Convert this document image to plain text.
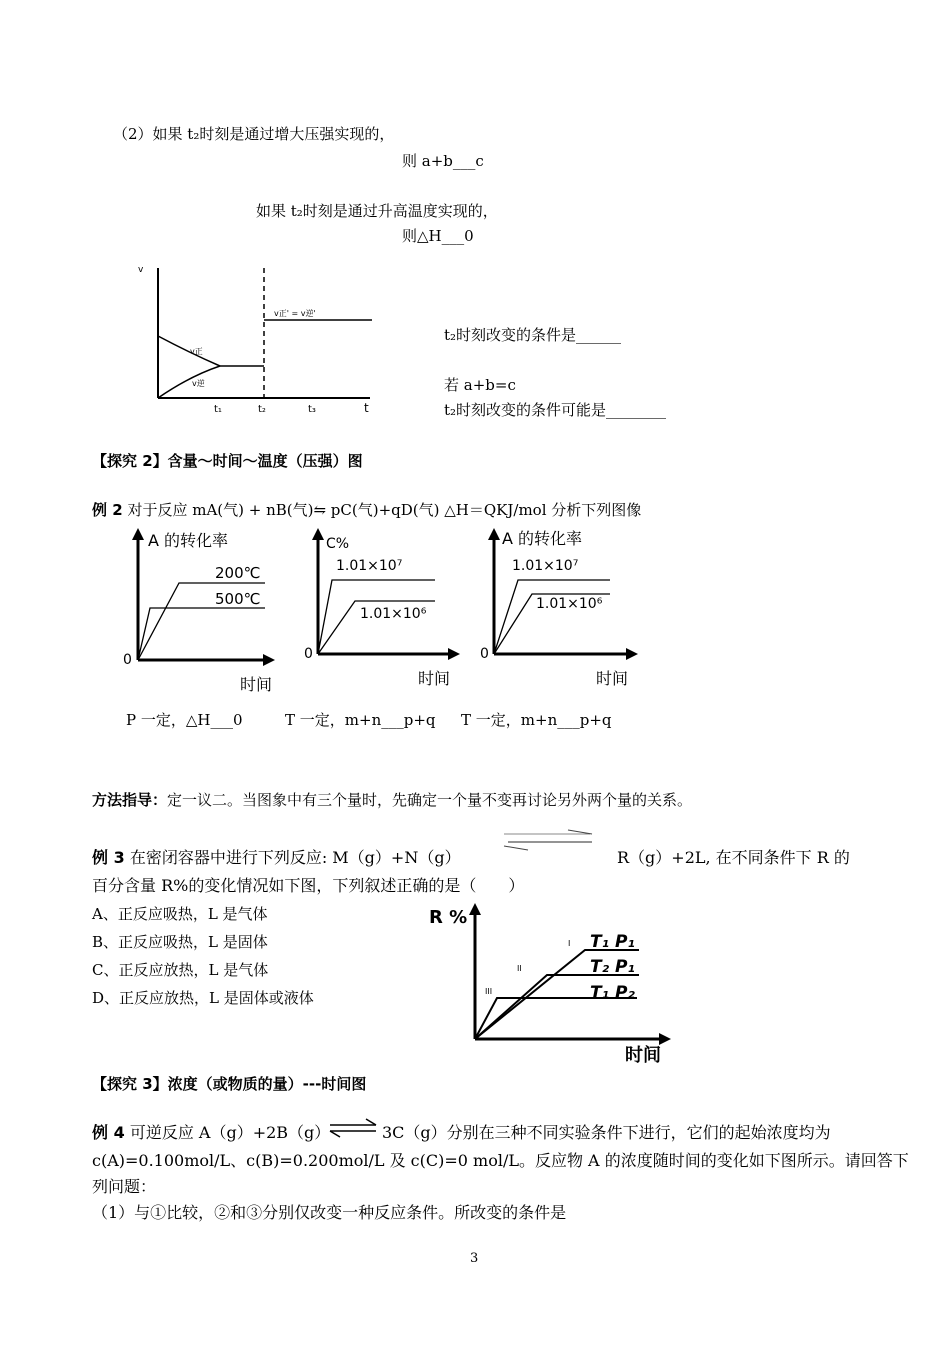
（2）如果 t₂时刻是通过增大压强实现的，
则 a+b___c
如果 t₂时刻是通过升高温度实现的，
则△H___0
v
v正' = v逆'
v正
v逆
t₁	t₂	t₃	t
t₂时刻改变的条件是______
若 a+b=c
t₂时刻改变的条件可能是________
【探究 2】含量～时间～温度（压强）图
例 2 对于反应 mA(气) + nB(气)⇋ pC(气)+qD(气) △H＝QKJ/mol 分析下列图像
A 的转化率
0
时间
200℃
500℃
C%
0
时间
1.01×10⁷
1.01×10⁶
A 的转化率
0
时间
1.01×10⁷
1.01×10⁶
P 一定，△H___0	T 一定，m+n___p+q T 一定，m+n___p+q
方法指导：定一议二。当图象中有三个量时，先确定一个量不变再讨论另外两个量的关系。
例 3 在密闭容器中进行下列反应: M（g）+N（g）	R（g）+2L, 在不同条件下 R 的
百分含量 R%的变化情况如下图，下列叙述正确的是（　　）
A、正反应吸热，L 是气体
B、正反应吸热，L 是固体
C、正反应放热，L 是气体
D、正反应放热，L 是固体或液体
R %
时间
T₁ P₁
T₂ P₁
T₁ P₂
I
II
III
【探究 3】浓度（或物质的量）---时间图
例 4 可逆反应 A（g）+2B（g） ⇌ 3C（g）分别在三种不同实验条件下进行，它们的起始浓度均为
c(A)=0.100mol/L、c(B)=0.200mol/L 及 c(C)=0 mol/L。反应物 A 的浓度随时间的变化如下图所示。请回答下
列问题：
（1）与①比较，②和③分别仅改变一种反应条件。所改变的条件是
3
